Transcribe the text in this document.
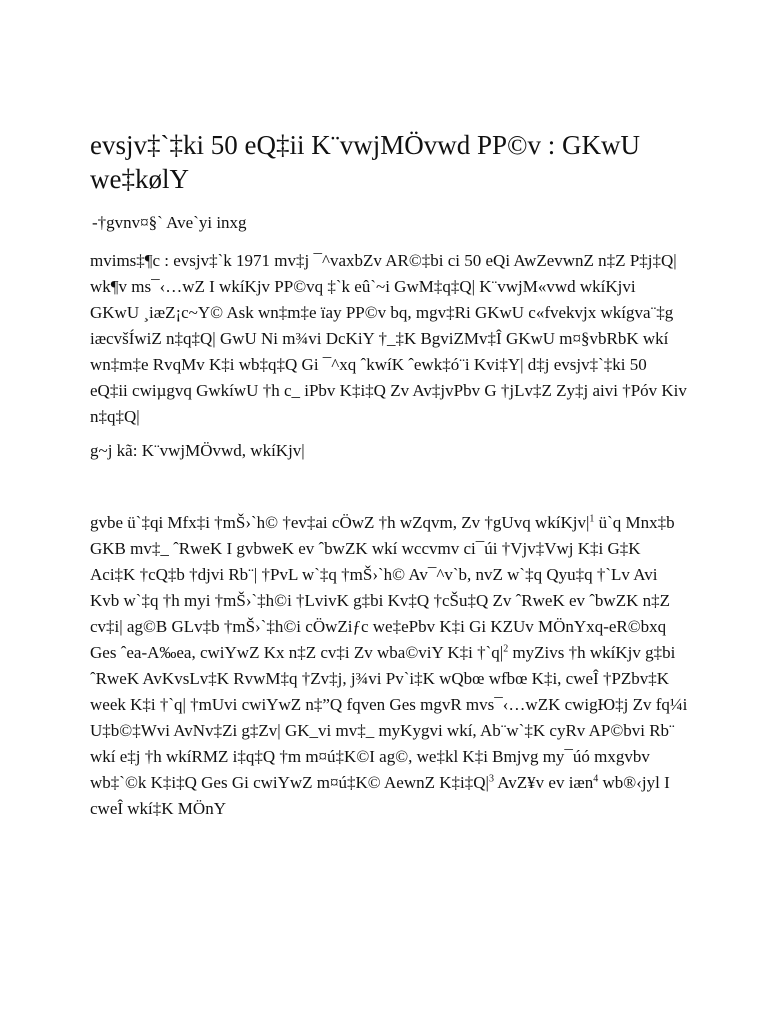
evsjv‡`‡ki 50 eQ‡ii K¨vwjMÖvwd PP©v : GKwU we‡kølY

-†gvnv¤§` Ave`yi inxg

mvims‡¶c : evsjv‡`k 1971 mv‡j ¯^vaxbZv AR©‡bi ci 50 eQi AwZevwnZ n‡Z P‡j‡Q| wk¶v ms¯‹…wZ I wkíKjv PP©vq ‡`k eû`~i GwM‡q‡Q| K¨vwjM«vwd wkíKjvi GKwU ¸iæZ¡c~Y© Ask wn‡m‡e ïay PP©v bq, mgv‡Ri GKwU c«fvekvjx wkígva¨‡g iæcvšÍwiZ n‡q‡Q| GwU Ni m¾vi DcKiY †_‡K BgviZMv‡Î GKwU m¤§vbRbK wkí wn‡m‡e RvqMv K‡i wb‡q‡Q Gi ¯^xq ˆkwíK ˆewk‡ó¨i Kvi‡Y| d‡j evsjv‡`‡ki 50 eQ‡ii cwiµgvq GwkíwU †h c_ iPbv K‡i‡Q Zv Av‡jvPbv G †jLv‡Z Zy‡j aivi †Póv Kiv n‡q‡Q|

g~j kã: K¨vwjMÖvwd, wkíKjv|

gvbe ü`‡qi Mfx‡i †mŠ›`h© †ev‡ai cÖwZ †h wZqvm, Zv †gUvq $wkíKjv|^1$ ü`q Mnx‡b GKB mv‡_ ˆRweK I gvbweK ev ˆbwZK wkí wccvmv ci¯úi †Vjv‡Vwj K‡i G‡K Aci‡K †cQ‡b †djvi Rb¨| †PvL w`‡q †mŠ›`h© Av¯^v`b, nvZ w`‡q Qyu‡q †`Lv Avi Kvb w`‡q †h myi †mŠ›`‡h©i †LvivK g‡bi Kv‡Q †cŠu‡Q Zv ˆRweK ev ˆbwZK n‡Z cv‡i| ag©B GLv‡b †mŠ›`‡h©i cÖwZiƒc we‡ePbv K‡i Gi KZUv MÖnYxq-eR©bxq Ges ˆea-A‰ea, cwiYwZ Kx n‡Z cv‡i Zv wba©viY K‡i $\dagger`q|^2$ myZivs †h wkíKjv g‡bi ˆRweK AvKvsLv‡K RvwM‡q †Zv‡j, j¾vi Pv`i‡K wQbœ wfbœ K‡i, cweÎ †PZbv‡K week K‡i †`q| †mUvi cwiYwZ n‡”Q fqven Ges mgvR mvs¯‹…wZK cwigЮ‡j Zv fq¼i U‡b©‡Wvi AvNv‡Zi g‡Zv| GK_vi mv‡_ myKygvi wkí, Ab¨w`‡K cyRv AP©bvi Rb¨ wkí e‡j †h wkíRMZ i‡q‡Q †m m¤ú‡K©I ag©, we‡kl K‡i Bmjvg my¯úó mxgvbv wb‡`©k K‡i‡Q Ges Gi cwiYwZ m¤ú‡K© AewnZ $K\ddagger i\ddagger Q|^3$ AvZ¥v ev iæn$^4$ wb®‹jyl I cweÎ wkí‡K MÖnY
